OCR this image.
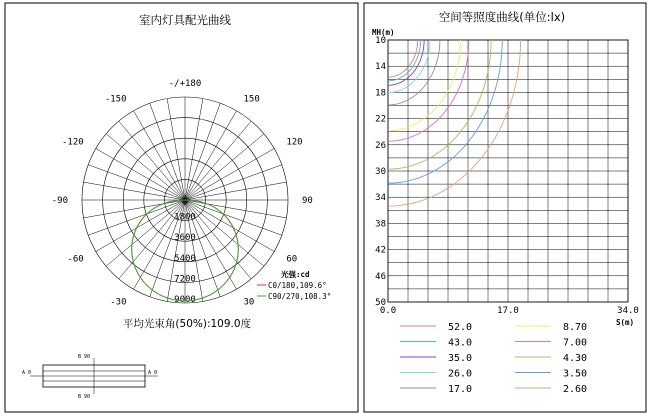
室内灯具配光曲线
-/+180
150
120
90
60
30
-150
-120
-90
-60
-30
0
1800
3600
5400
7200
9000
光强:cd
C0/180,109.6°
C90/270,108.3°
平均光束角(50%):109.0度
B 90
B 90
A 0	A 0
空间等照度曲线(单位:lx)
MH(m)
10
14
18
22
26
30
34
38
42
46
50
0.0	17.0	34.0
S(m)
52.0
43.0
35.0
26.0
17.0
8.70
7.00
4.30
3.50
2.60
